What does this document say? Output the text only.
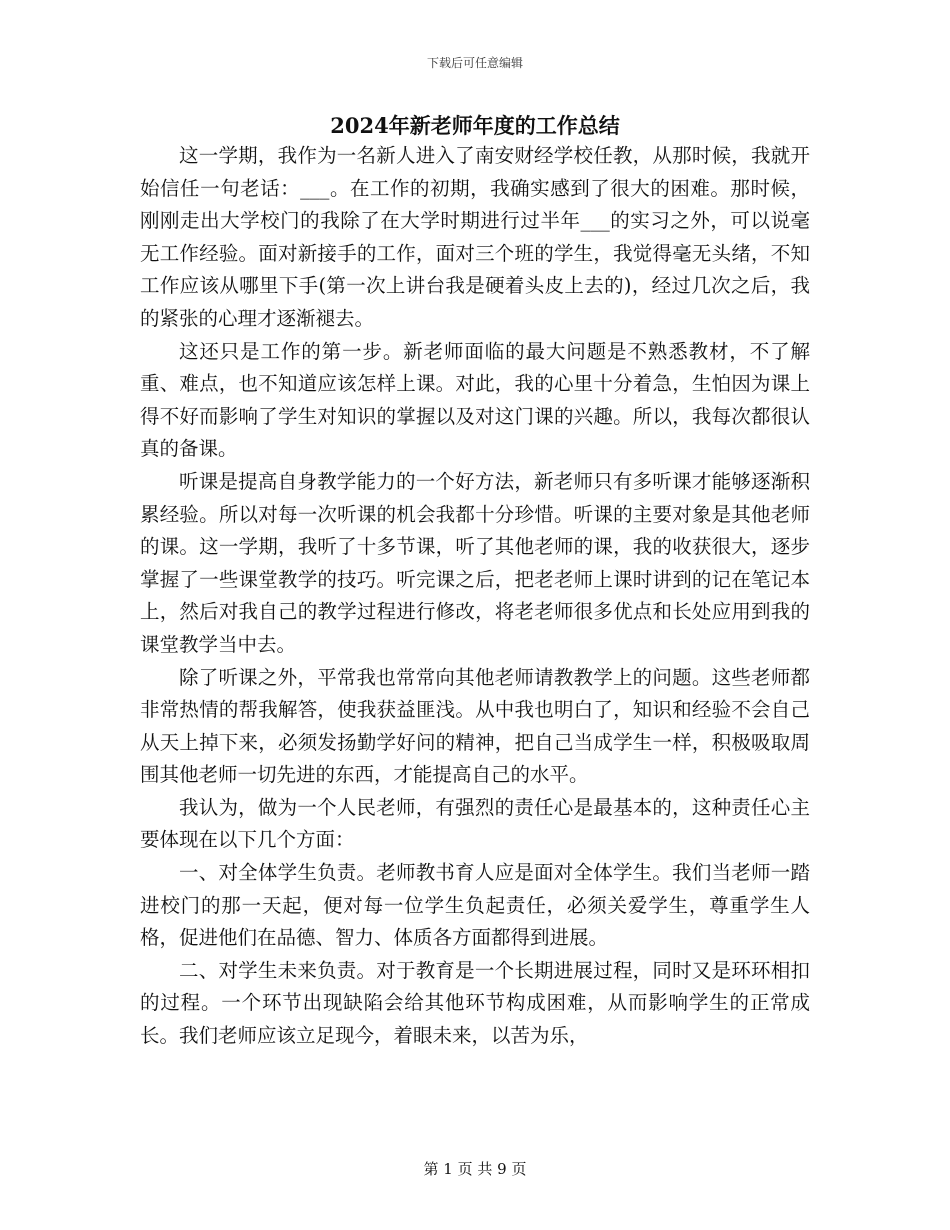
下载后可任意编辑
2024年新老师年度的工作总结

这一学期，我作为一名新人进入了南安财经学校任教，从那时候，我就开始信任一句老话：___。在工作的初期，我确实感到了很大的困难。那时候，刚刚走出大学校门的我除了在大学时期进行过半年___的实习之外，可以说毫无工作经验。面对新接手的工作，面对三个班的学生，我觉得毫无头绪，不知工作应该从哪里下手(第一次上讲台我是硬着头皮上去的)，经过几次之后，我的紧张的心理才逐渐褪去。

这还只是工作的第一步。新老师面临的最大问题是不熟悉教材，不了解重、难点，也不知道应该怎样上课。对此，我的心里十分着急，生怕因为课上得不好而影响了学生对知识的掌握以及对这门课的兴趣。所以，我每次都很认真的备课。

听课是提高自身教学能力的一个好方法，新老师只有多听课才能够逐渐积累经验。所以对每一次听课的机会我都十分珍惜。听课的主要对象是其他老师的课。这一学期，我听了十多节课，听了其他老师的课，我的收获很大，逐步掌握了一些课堂教学的技巧。听完课之后，把老老师上课时讲到的记在笔记本上，然后对我自己的教学过程进行修改，将老老师很多优点和长处应用到我的课堂教学当中去。

除了听课之外，平常我也常常向其他老师请教教学上的问题。这些老师都非常热情的帮我解答，使我获益匪浅。从中我也明白了，知识和经验不会自己从天上掉下来，必须发扬勤学好问的精神，把自己当成学生一样，积极吸取周围其他老师一切先进的东西，才能提高自己的水平。

我认为，做为一个人民老师，有强烈的责任心是最基本的，这种责任心主要体现在以下几个方面：

一、对全体学生负责。老师教书育人应是面对全体学生。我们当老师一踏进校门的那一天起，便对每一位学生负起责任，必须关爱学生，尊重学生人格，促进他们在品德、智力、体质各方面都得到进展。

二、对学生未来负责。对于教育是一个长期进展过程，同时又是环环相扣的过程。一个环节出现缺陷会给其他环节构成困难，从而影响学生的正常成长。我们老师应该立足现今，着眼未来，以苦为乐，

第 1 页 共 9 页
